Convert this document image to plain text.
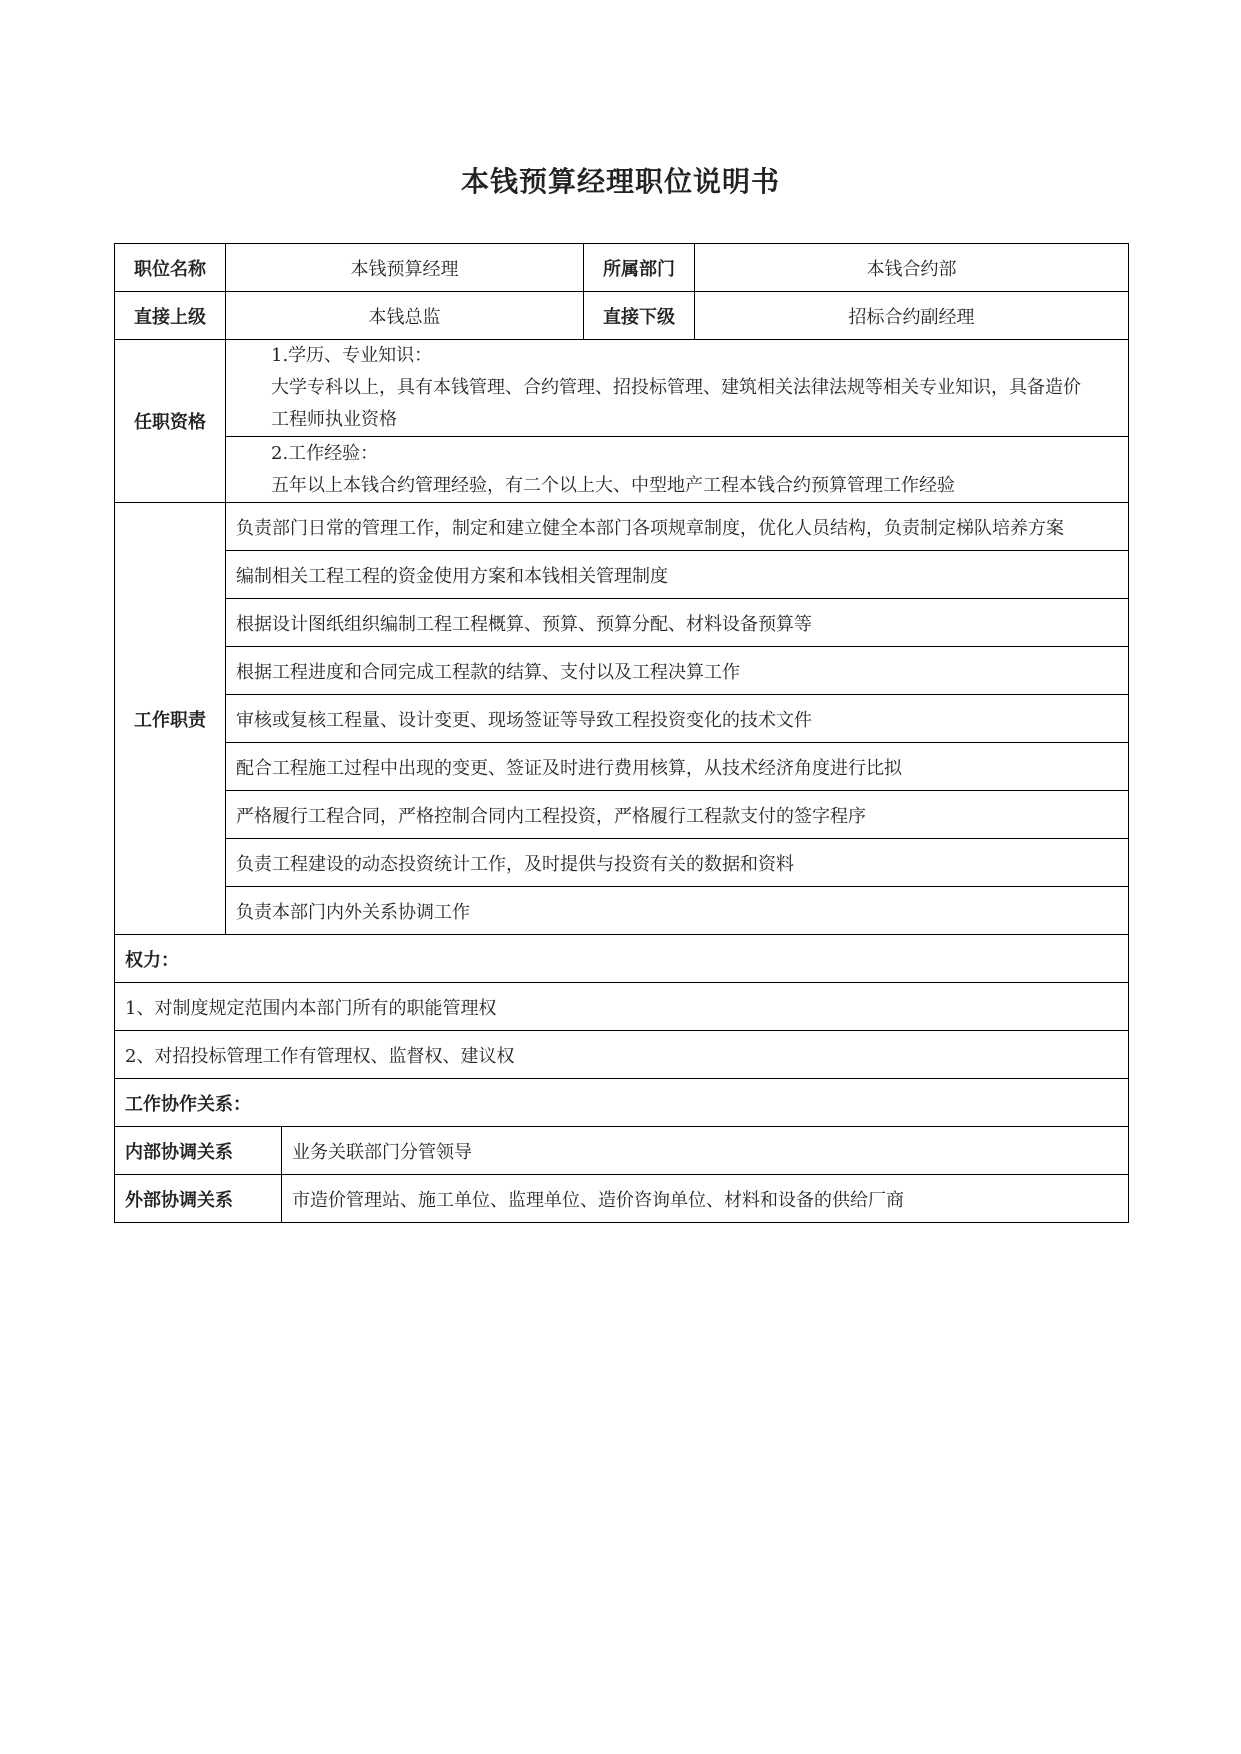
本钱预算经理职位说明书
职位名称	本钱预算经理		所属部门	本钱合约部
直接上级	本钱总监		直接下级	招标合约副经理
任职资格	1.学历、专业知识：
大学专科以上，具有本钱管理、合约管理、招投标管理、建筑相关法律法规等相关专业知识，具备造价
工程师执业资格			

	2.工作经验：
五年以上本钱合约管理经验，有二个以上大、中型地产工程本钱合约预算管理工作经验			

工作职责	负责部门日常的管理工作，制定和建立健全本部门各项规章制度，优化人员结构，负责制定梯队培养方案			
	编制相关工程工程的资金使用方案和本钱相关管理制度			
	根据设计图纸组织编制工程工程概算、预算、预算分配、材料设备预算等			
	根据工程进度和合同完成工程款的结算、支付以及工程决算工作			
	审核或复核工程量、设计变更、现场签证等导致工程投资变化的技术文件			
	配合工程施工过程中出现的变更、签证及时进行费用核算，从技术经济角度进行比拟			
	严格履行工程合同，严格控制合同内工程投资，严格履行工程款支付的签字程序			
	负责工程建设的动态投资统计工作，及时提供与投资有关的数据和资料			
	负责本部门内外关系协调工作			
权力：				
1、对制度规定范围内本部门所有的职能管理权				
2、对招投标管理工作有管理权、监督权、建议权				
工作协作关系：				
内部协调关系		业务关联部门分管领导		
外部协调关系		市造价管理站、施工单位、监理单位、造价咨询单位、材料和设备的供给厂商		
